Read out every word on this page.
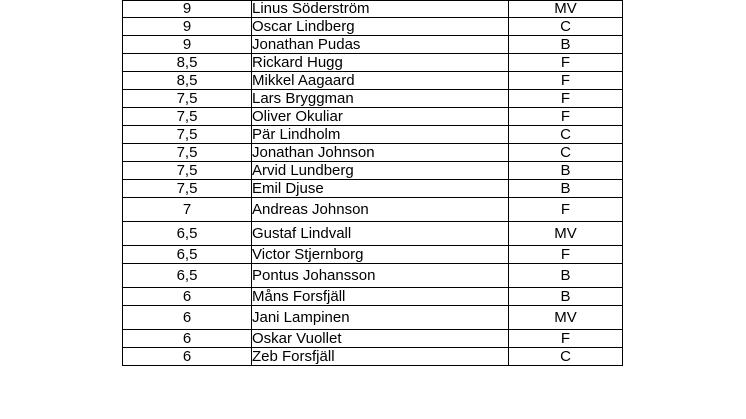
9	Linus Söderström	MV
9	Oscar Lindberg	C
9	Jonathan Pudas	B
8,5	Rickard Hugg	F
8,5	Mikkel Aagaard	F
7,5	Lars Bryggman	F
7,5	Oliver Okuliar	F
7,5	Pär Lindholm	C
7,5	Jonathan Johnson	C
7,5	Arvid Lundberg	B
7,5	Emil Djuse	B
7	Andreas Johnson	F
6,5	Gustaf Lindvall	MV
6,5	Victor Stjernborg	F
6,5	Pontus Johansson	B
6	Måns Forsfjäll	B
6	Jani Lampinen	MV
6	Oskar Vuollet	F
6	Zeb Forsfjäll	C
